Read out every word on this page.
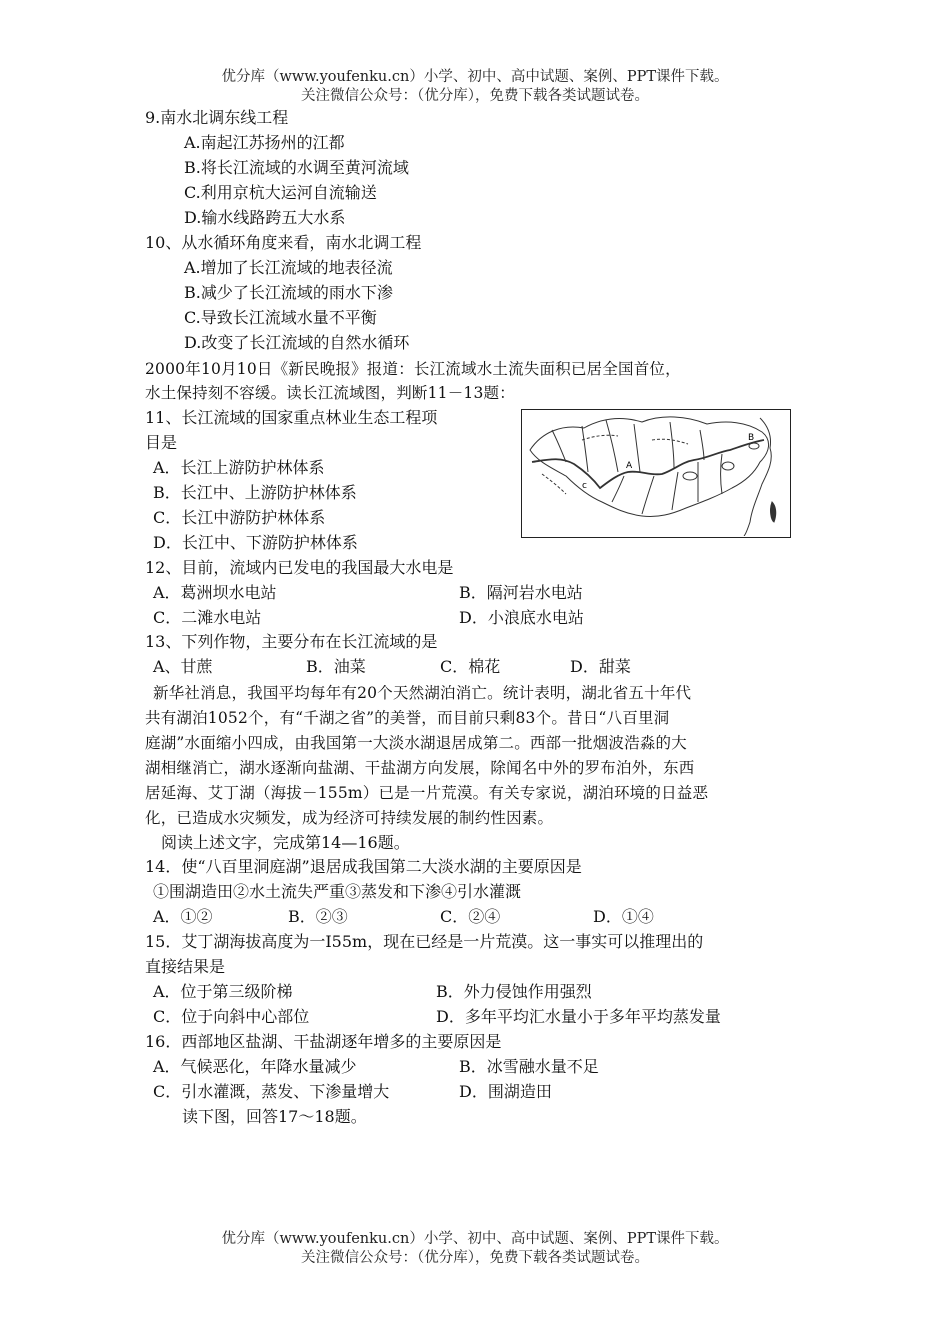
优分库（www.youfenku.cn）小学、初中、高中试题、案例、PPT课件下载。
关注微信公众号：（优分库），免费下载各类试题试卷。
9.南水北调东线工程
A.南起江苏扬州的江都
B.将长江流域的水调至黄河流域
C.利用京杭大运河自流输送
D.输水线路跨五大水系
10、从水循环角度来看，南水北调工程
A.增加了长江流域的地表径流
B.减少了长江流域的雨水下渗
C.导致长江流域水量不平衡
D.改变了长江流域的自然水循环
2000年10月10日《新民晚报》报道：长江流域水土流失面积已居全国首位，
水土保持刻不容缓。读长江流域图，判断11－13题：
11、长江流域的国家重点林业生态工程项
目是
A．长江上游防护林体系
B．长江中、上游防护林体系
C．长江中游防护林体系
D．长江中、下游防护林体系
A
B
c
12、目前，流域内已发电的我国最大水电是
A．葛洲坝水电站	B．隔河岩水电站
C．二滩水电站	D．小浪底水电站
13、下列作物，主要分布在长江流域的是
A、甘蔗	B．油菜	C．棉花	D．甜菜
新华社消息，我国平均每年有20个天然湖泊消亡。统计表明，湖北省五十年代
共有湖泊1052个，有“千湖之省”的美誉，而目前只剩83个。昔日“八百里洞
庭湖”水面缩小四成，由我国第一大淡水湖退居成第二。西部一批烟波浩淼的大
湖相继消亡，湖水逐渐向盐湖、干盐湖方向发展，除闻名中外的罗布泊外，东西
居延海、艾丁湖（海拔－155m）已是一片荒漠。有关专家说，湖泊环境的日益恶
化，已造成水灾频发，成为经济可持续发展的制约性因素。
阅读上述文字，完成第14—16题。
14．使“八百里洞庭湖”退居成我国第二大淡水湖的主要原因是
①围湖造田②水土流失严重③蒸发和下渗④引水灌溉
A．①②	B．②③	C．②④	D．①④
15．艾丁湖海拔高度为一I55m，现在已经是一片荒漠。这一事实可以推理出的
直接结果是
A．位于第三级阶梯	B．外力侵蚀作用强烈
C．位于向斜中心部位	D．多年平均汇水量小于多年平均蒸发量
16．西部地区盐湖、干盐湖逐年增多的主要原因是
A．气候恶化，年降水量减少	B．冰雪融水量不足
C．引水灌溉，蒸发、下渗量增大	D．围湖造田
读下图，回答17～18题。
优分库（www.youfenku.cn）小学、初中、高中试题、案例、PPT课件下载。
关注微信公众号：（优分库），免费下载各类试题试卷。
